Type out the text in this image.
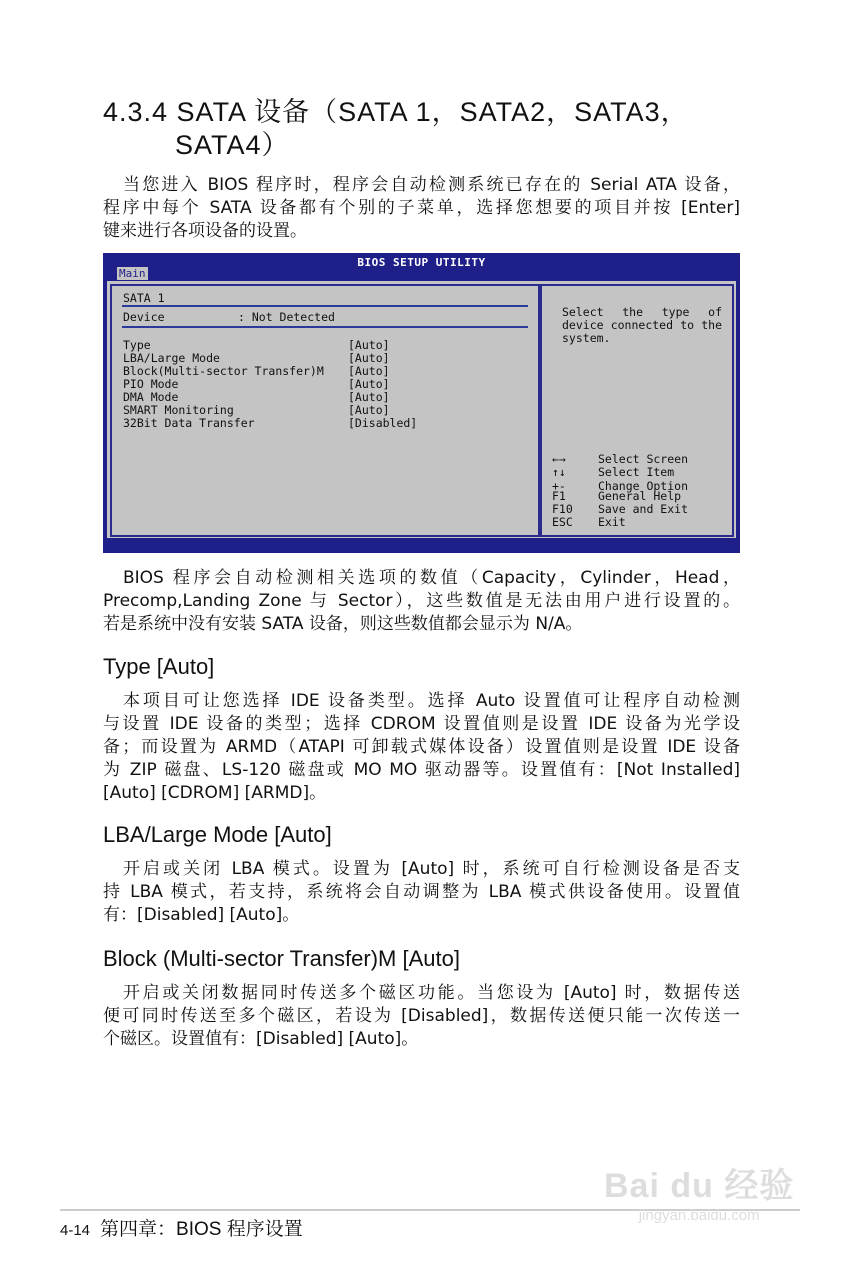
4.3.4 SATA 设备（SATA 1，SATA2，SATA3，
SATA4）
当您进入 BIOS 程序时，程序会自动检测系统已存在的 Serial ATA 设备，
程序中每个 SATA 设备都有个别的子菜单，选择您想要的项目并按 [Enter]
键来进行各项设备的设置。
BIOS SETUP UTILITY
Main
SATA 1
Device	: Not Detected
Type	[Auto]
LBA/Large Mode	[Auto]
Block(Multi-sector Transfer)M [Auto]
PIO Mode	[Auto]
DMA Mode	[Auto]
SMART Monitoring	[Auto]
32Bit Data Transfer	[Disabled]
Select the type of device connected to the system.
←→	Select Screen
↑↓	Select Item
+-	Change Option
F1	General Help
F10 Save and Exit
ESC Exit
BIOS 程序会自动检测相关选项的数值（Capacity，Cylinder，Head，
Precomp,Landing Zone 与 Sector），这些数值是无法由用户进行设置的。
若是系统中没有安装 SATA 设备，则这些数值都会显示为 N/A。
Type [Auto]
本项目可让您选择 IDE 设备类型。选择 Auto 设置值可让程序自动检测
与设置 IDE 设备的类型；选择 CDROM 设置值则是设置 IDE 设备为光学设
备；而设置为 ARMD（ATAPI 可卸载式媒体设备）设置值则是设置 IDE 设备
为 ZIP 磁盘、LS-120 磁盘或 MO MO 驱动器等。设置值有：[Not Installed]
[Auto] [CDROM] [ARMD]。
LBA/Large Mode [Auto]
开启或关闭 LBA 模式。设置为 [Auto] 时，系统可自行检测设备是否支
持 LBA 模式，若支持，系统将会自动调整为 LBA 模式供设备使用。设置值
有：[Disabled] [Auto]。
Block (Multi-sector Transfer)M [Auto]
开启或关闭数据同时传送多个磁区功能。当您设为 [Auto] 时，数据传送
便可同时传送至多个磁区，若设为 [Disabled]，数据传送便只能一次传送一
个磁区。设置值有：[Disabled] [Auto]。
4-14 第四章：BIOS 程序设置
Bai du 经验
jingyan.baidu.com
